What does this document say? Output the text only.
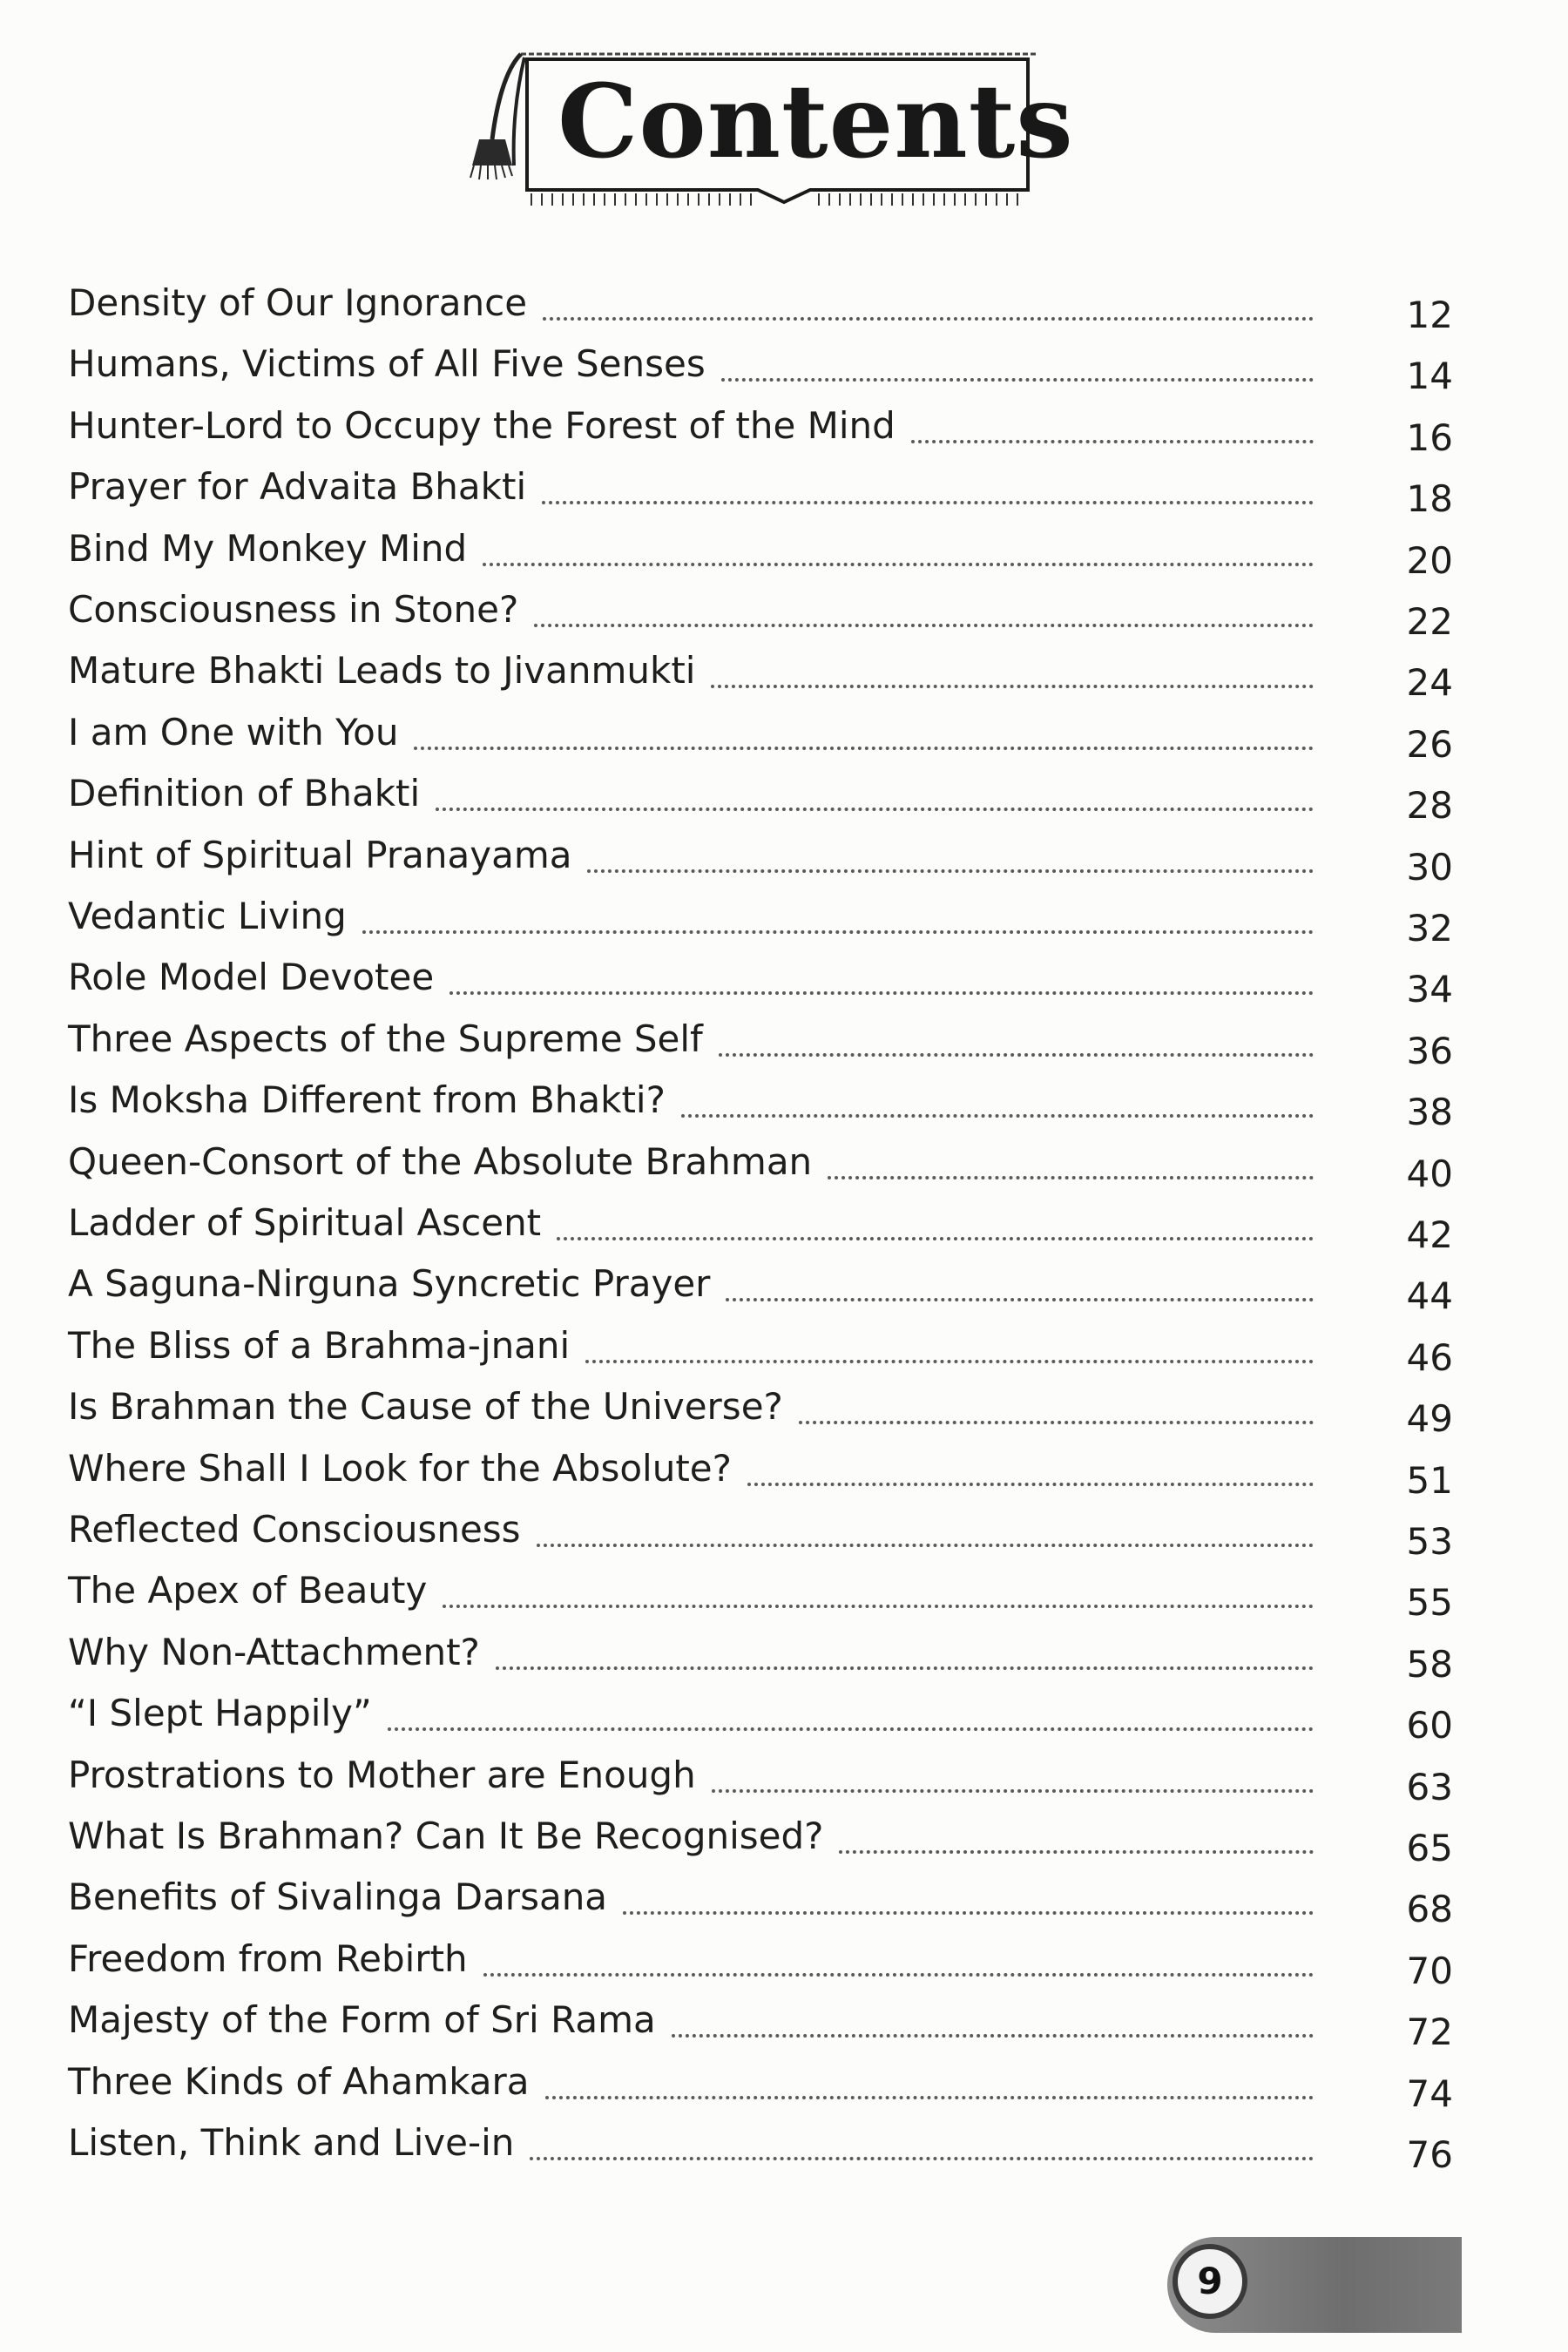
Contents
Density of Our Ignorance	12
Humans, Victims of All Five Senses	14
Hunter-Lord to Occupy the Forest of the Mind	16
Prayer for Advaita Bhakti	18
Bind My Monkey Mind	20
Consciousness in Stone?	22
Mature Bhakti Leads to Jivanmukti	24
I am One with You	26
Definition of Bhakti	28
Hint of Spiritual Pranayama	30
Vedantic Living	32
Role Model Devotee	34
Three Aspects of the Supreme Self	36
Is Moksha Different from Bhakti?	38
Queen-Consort of the Absolute Brahman	40
Ladder of Spiritual Ascent	42
A Saguna-Nirguna Syncretic Prayer	44
The Bliss of a Brahma-jnani	46
Is Brahman the Cause of the Universe?	49
Where Shall I Look for the Absolute?	51
Reflected Consciousness	53
The Apex of Beauty	55
Why Non-Attachment?	58
“I Slept Happily”	60
Prostrations to Mother are Enough	63
What Is Brahman? Can It Be Recognised?	65
Benefits of Sivalinga Darsana	68
Freedom from Rebirth	70
Majesty of the Form of Sri Rama	72
Three Kinds of Ahamkara	74
Listen, Think and Live-in	76
9
